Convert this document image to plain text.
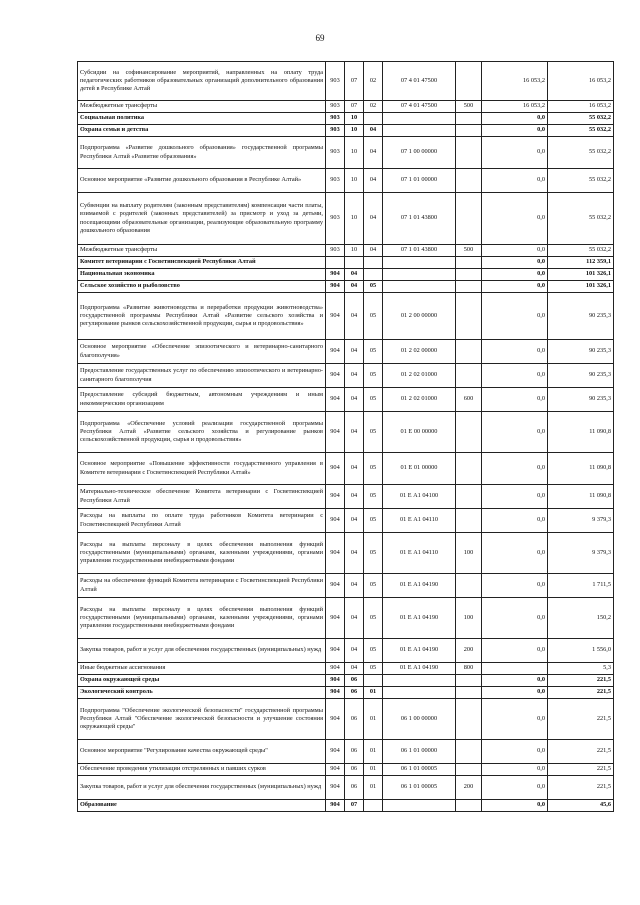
69
Субсидии на софинансирование мероприятий, направленных на оплату труда педагогических работников образовательных организаций дополнительного образования детей в Республике Алтай	903	07	02	07 4 01 47500		16 053,2	16 053,2
Межбюджетные трансферты	903	07	02	07 4 01 47500	500	16 053,2	16 053,2
Социальная политика	903	10				0,0	55 032,2
Охрана семьи и детства	903	10	04			0,0	55 032,2
Подпрограмма «Развитие дошкольного образования» государственной программы Республики Алтай «Развитие образования»	903	10	04	07 1 00 00000		0,0	55 032,2
Основное мероприятие «Развитие дошкольного образования в Республике Алтай»	903	10	04	07 1 01 00000		0,0	55 032,2
Субвенции на выплату родителям (законным представителям) компенсации части платы, взимаемой с родителей (законных представителей) за присмотр и уход за детьми, посещающими образовательные организации, реализующие образовательную программу дошкольного образования	903	10	04	07 1 01 43800		0,0	55 032,2
Межбюджетные трансферты	903	10	04	07 1 01 43800	500	0,0	55 032,2
Комитет ветеринарии с Госветинспекцией Республики Алтай						0,0	112 359,1
Национальная экономика	904	04				0,0	101 326,1
Сельское хозяйство и рыболовство	904	04	05			0,0	101 326,1
Подпрограмма «Развитие животноводства и переработки продукции животноводства» государственной программы Республики Алтай «Развитие сельского хозяйства и регулирование рынков сельскохозяйственной продукции, сырья и продовольствия»	904	04	05	01 2 00 00000		0,0	90 235,3
Основное мероприятие «Обеспечение эпизоотического и ветеринарно-санитарного благополучия»	904	04	05	01 2 02 00000		0,0	90 235,3
Предоставление государственных услуг по обеспечению эпизоотического и ветеринарно-санитарного благополучия	904	04	05	01 2 02 01000		0,0	90 235,3
Предоставление субсидий бюджетным, автономным учреждениям и иным некоммерческим организациям	904	04	05	01 2 02 01000	600	0,0	90 235,3
Подпрограмма «Обеспечение условий реализации государственной программы Республики Алтай «Развитие сельского хозяйства и регулирование рынков сельскохозяйственной продукции, сырья и продовольствия»	904	04	05	01 Е 00 00000		0,0	11 090,8
Основное мероприятие «Повышение эффективности государственного управления в Комитете ветеринарии с Госветинспекцией Республики Алтай»	904	04	05	01 Е 01 00000		0,0	11 090,8
Материально-техническое обеспечение Комитета ветеринарии с Госветинспекцией Республики Алтай	904	04	05	01 Е А1 04100		0,0	11 090,8
Расходы на выплаты по оплате труда работников Комитета ветеринарии с Госветинспекцией Республики Алтай	904	04	05	01 Е А1 04110		0,0	9 379,3
Расходы на выплаты персоналу в целях обеспечения выполнения функций государственными (муниципальными) органами, казенными учреждениями, органами управления государственными внебюджетными фондами	904	04	05	01 Е А1 04110	100	0,0	9 379,3
Расходы на обеспечение функций Комитета ветеринарии с Госветинспекцией Республики Алтай	904	04	05	01 Е А1 04190		0,0	1 711,5
Расходы на выплаты персоналу в целях обеспечения выполнения функций государственными (муниципальными) органами, казенными учреждениями, органами управления государственными внебюджетными фондами	904	04	05	01 Е А1 04190	100	0,0	150,2
Закупка товаров, работ и услуг для обеспечения государственных (муниципальных) нужд	904	04	05	01 Е А1 04190	200	0,0	1 556,0
Иные бюджетные ассигнования	904	04	05	01 Е А1 04190	800		5,3
Охрана окружающей среды	904	06				0,0	221,5
Экологический контроль	904	06	01			0,0	221,5
Подпрограмма "Обеспечение экологической безопасности" государственной программы Республики Алтай "Обеспечение экологической безопасности и улучшение состояния окружающей среды"	904	06	01	06 1 00 00000		0,0	221,5
Основное мероприятие "Регулирование качества окружающей среды"	904	06	01	06 1 01 00000		0,0	221,5
Обеспечение проведения утилизации отстрелянных и павших сурков	904	06	01	06 1 01 00005		0,0	221,5
Закупка товаров, работ и услуг для обеспечения государственных (муниципальных) нужд	904	06	01	06 1 01 00005	200	0,0	221,5
Образование	904	07				0,0	45,6
